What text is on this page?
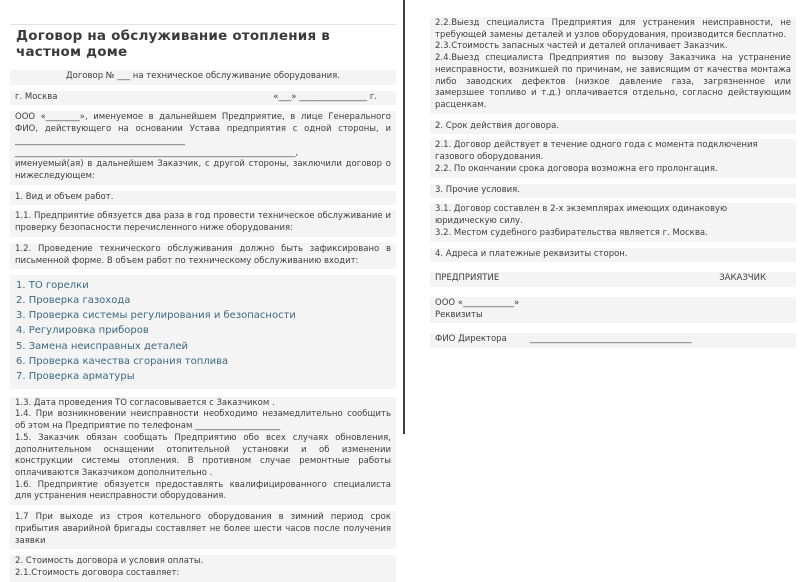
Договор на обслуживание отопления в частном доме
Договор № ___ на техническое обслуживание оборудования.
г. Москва	«___» ________________ г.
ООО «________», именуемое в дальнейшем Предприятие, в лице Генерального ФИО, действующего на основании Устава предприятия с одной стороны, и ________________________________________
__________________________________________________________________,
именуемый(ая) в дальнейшем Заказчик, с другой стороны, заключили договор о нижеследующем:
1. Вид и объем работ.
1.1. Предприятие обязуется два раза в год провести техническое обслуживание и проверку безопасности перечисленного ниже оборудования:
1.2. Проведение технического обслуживания должно быть зафиксировано в письменной форме. В объем работ по техническому обслуживанию входит:
ТО горелки
Проверка газохода
Проверка системы регулирования и безопасности
Регулировка приборов
Замена неисправных деталей
Проверка качества сгорания топлива
Проверка арматуры
1.3. Дата проведения ТО согласовывается с Заказчиком .
1.4. При возникновении неисправности необходимо незамедлительно сообщить об этом на Предприятие по телефонам ____________________
1.5. Заказчик обязан сообщать Предприятию обо всех случаях обновления, дополнительном оснащении отопительной установки и об изменении конструкции системы отопления. В противном случае ремонтные работы оплачиваются Заказчиком дополнительно .
1.6. Предприятие обязуется предоставлять квалифицированного специалиста для устранения неисправности оборудования.
1.7 При выходе из строя котельного оборудования в зимний период срок прибытия аварийной бригады составляет не более шести часов после получения заявки
2. Стоимость договора и условия оплаты.
2.1.Стоимость договора составляет:
2.2.Выезд специалиста Предприятия для устранения неисправности, не требующей замены деталей и узлов оборудования, производится бесплатно.
2.3.Стоимость запасных частей и деталей оплачивает Заказчик.
2.4.Выезд специалиста Предприятия по вызову Заказчика на устранение неисправности, возникшей по причинам, не зависящим от качества монтажа либо заводских дефектов (низкое давление газа, загрязненное или замерзшее топливо и т.д.) оплачивается отдельно, согласно действующим расценкам.
2. Срок действия договора.
2.1. Договор действует в течение одного года с момента подключения газового оборудования.
2.2. По окончании срока договора возможна его пролонгация.
3. Прочие условия.
3.1. Договор составлен в 2-х экземплярах имеющих одинаковую юридическую силу.
3.2. Местом судебного разбирательства является г. Москва.
4. Адреса и платежные реквизиты сторон.
ПРЕДПРИЯТИЕ	ЗАКАЗЧИК
ООО «____________»
Реквизиты
ФИО Директора	______________________________________
